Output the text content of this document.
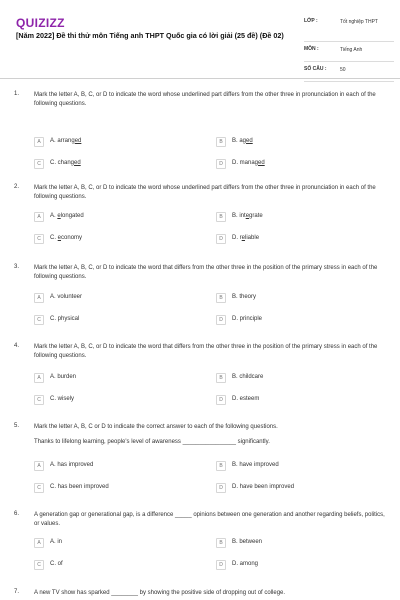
QUIZIZZ
[Năm 2022] Đề thi thử môn Tiếng anh THPT Quốc gia có lời giải (25 đề) (Đề 02)
LỚP :	Tốt nghiệp THPT
MÔN :	Tiếng Anh
SỐ CÂU :	50
1. Mark the letter A, B, C, or D to indicate the word whose underlined part differs from the other three in pronunciation in each of the following questions.
A	A. arranged	B	B. aged
C	C. changed	D	D. managed
2. Mark the letter A, B, C, or D to indicate the word whose underlined part differs from the other three in pronunciation in each of the following questions.
A	A. elongated	B	B. integrate
C	C. economy	D	D. reliable
3. Mark the letter A, B, C, or D to indicate the word that differs from the other three in the position of the primary stress in each of the following questions.
A	A. volunteer	B	B. theory
C	C. physical	D	D. principle
4. Mark the letter A, B, C, or D to indicate the word that differs from the other three in the position of the primary stress in each of the following questions.
A	A. burden	B	B. childcare
C	C. wisely	D	D. esteem
5. Mark the letter A, B, C or D to indicate the correct answer to each of the following questions.
Thanks to lifelong learning, people's level of awareness ________________ significantly.
A	A. has improved	B	B. have improved
C	C. has been improved	D	D. have been improved
6. A generation gap or generational gap, is a difference _____ opinions between one generation and another regarding beliefs, politics, or values.
A	A. in	B	B. between
C	C. of	D	D. among
7. A new TV show has sparked ________ by showing the positive side of dropping out of college.
